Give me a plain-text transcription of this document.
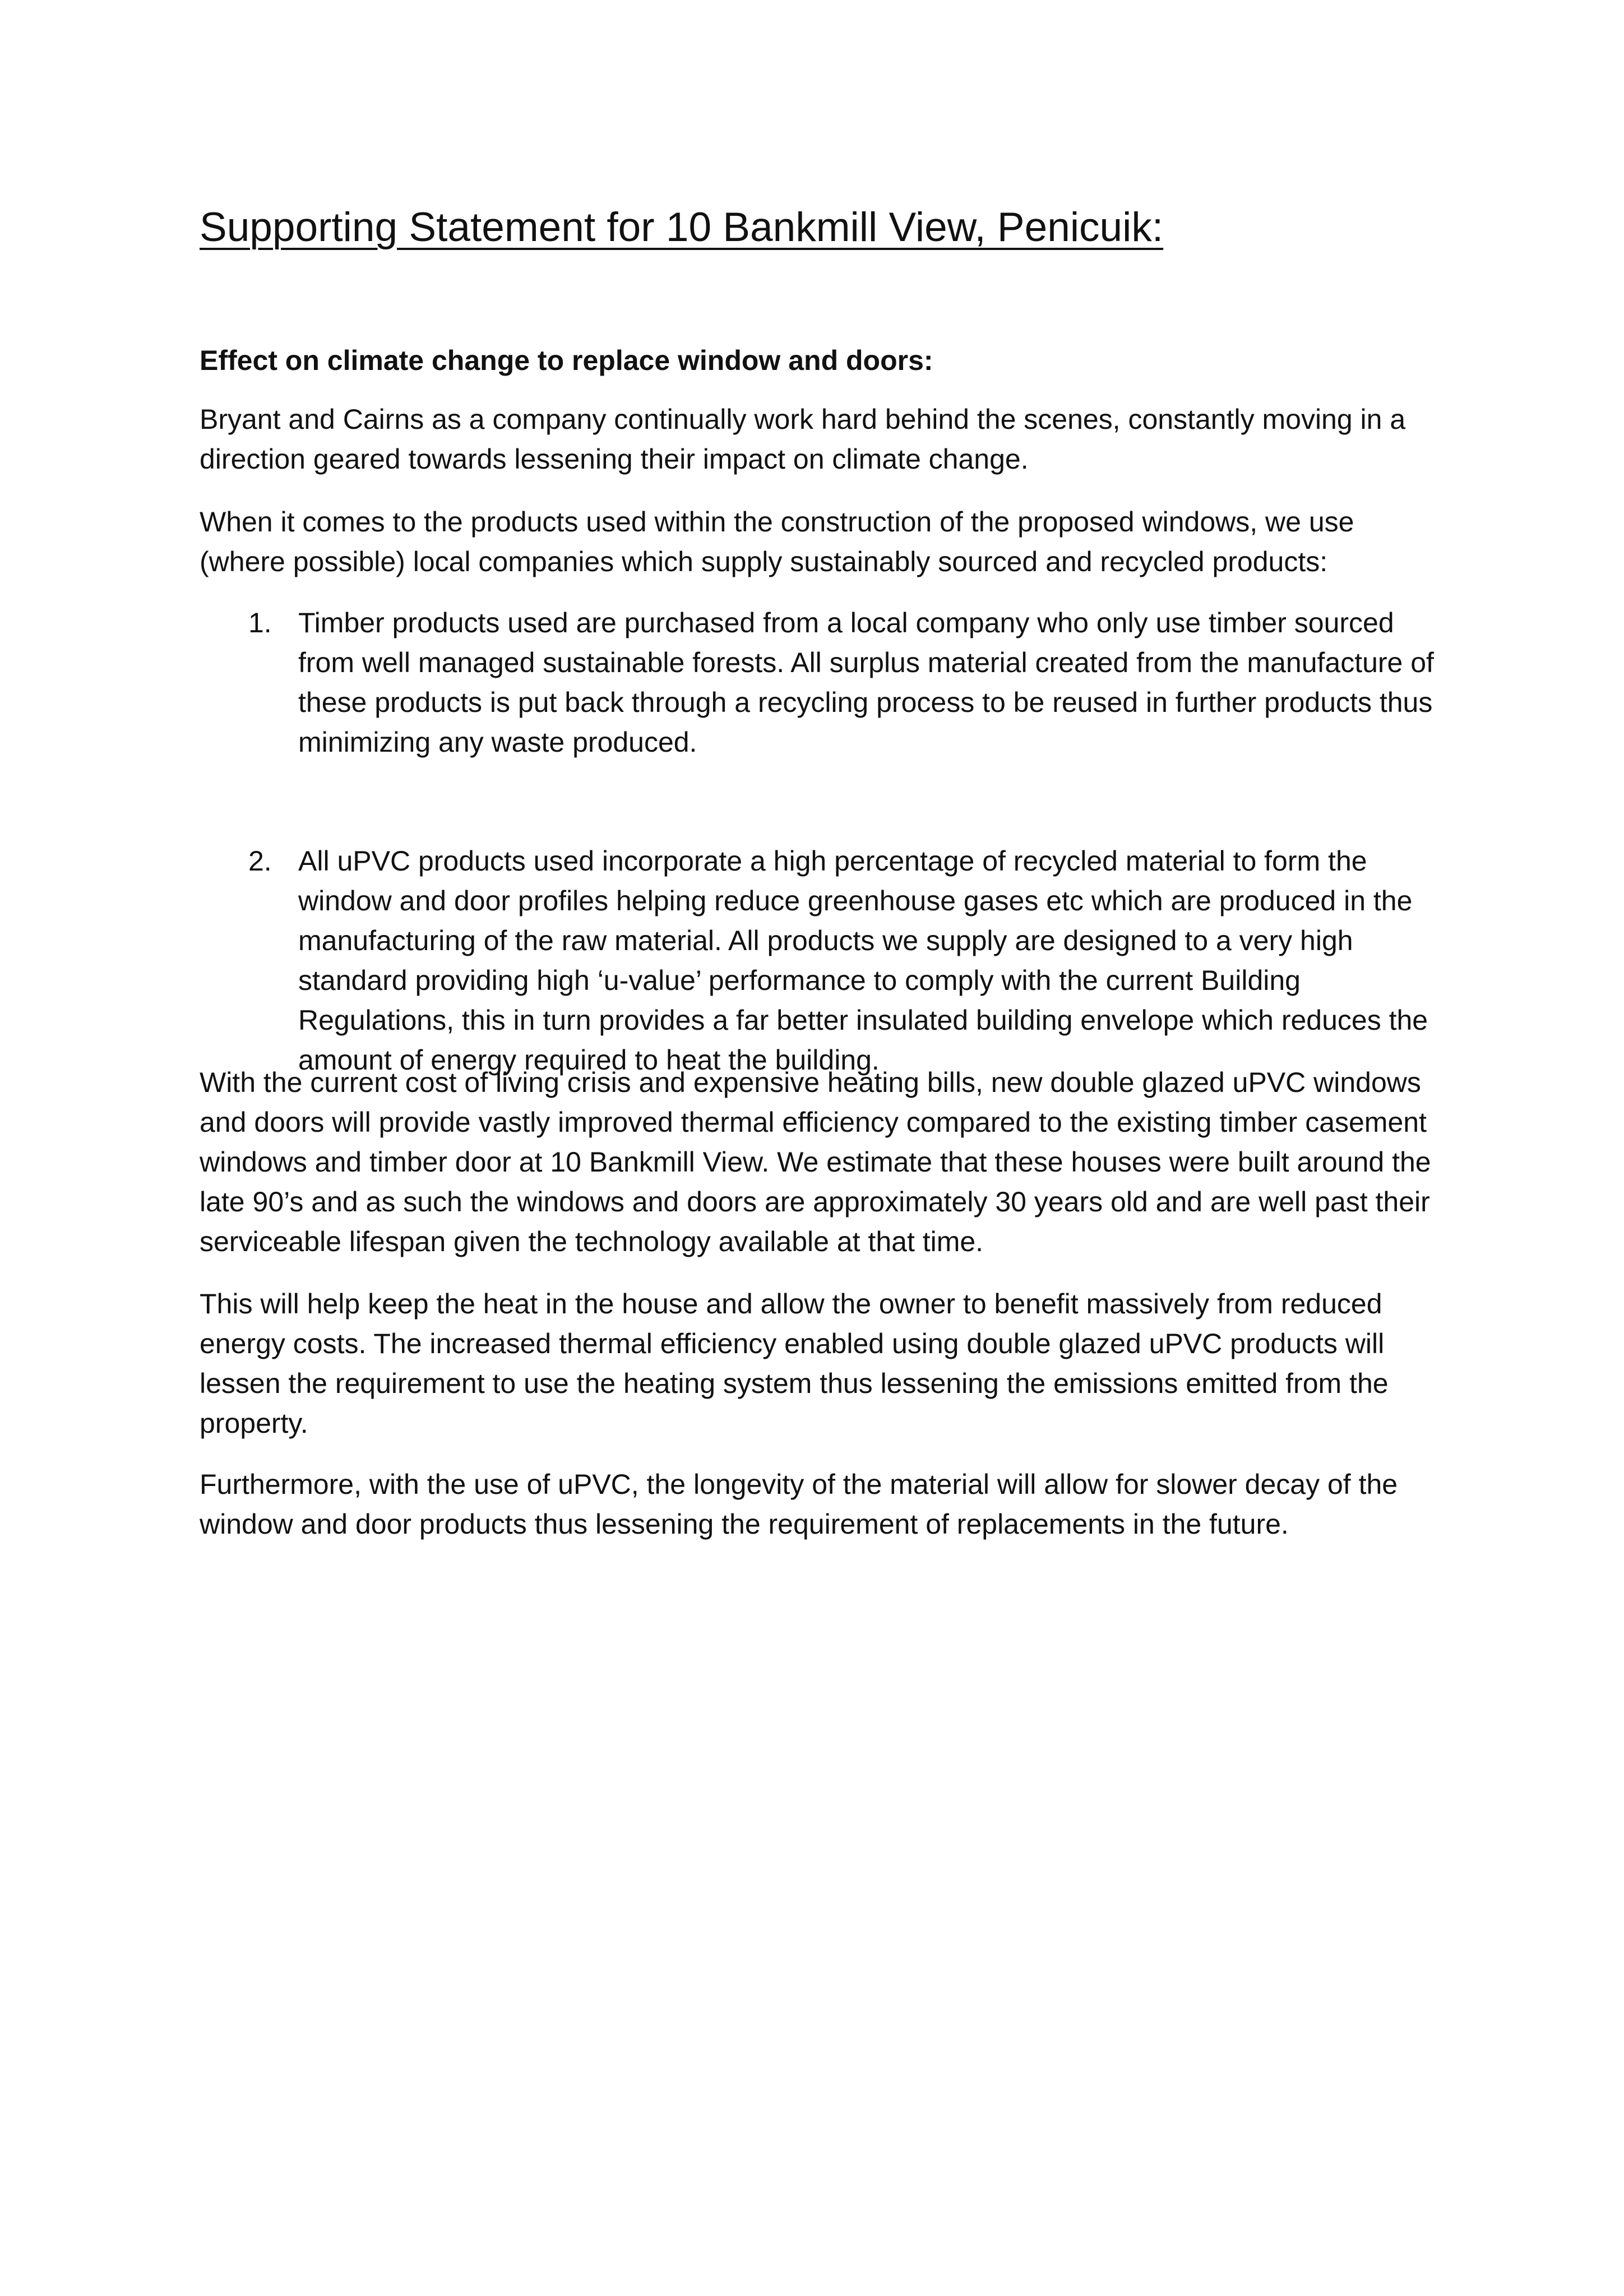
Supporting Statement for 10 Bankmill View, Penicuik:
Effect on climate change to replace window and doors:

Bryant and Cairns as a company continually work hard behind the scenes, constantly moving in a
direction geared towards lessening their impact on climate change.

When it comes to the products used within the construction of the proposed windows, we use
(where possible) local companies which supply sustainably sourced and recycled products:

1. Timber products used are purchased from a local company who only use timber sourced
from well managed sustainable forests. All surplus material created from the manufacture of
these products is put back through a recycling process to be reused in further products thus
minimizing any waste produced.
2. All uPVC products used incorporate a high percentage of recycled material to form the
window and door profiles helping reduce greenhouse gases etc which are produced in the
manufacturing of the raw material. All products we supply are designed to a very high
standard providing high ‘u-value’ performance to comply with the current Building
Regulations, this in turn provides a far better insulated building envelope which reduces the
amount of energy required to heat the building.

With the current cost of living crisis and expensive heating bills, new double glazed uPVC windows
and doors will provide vastly improved thermal efficiency compared to the existing timber casement
windows and timber door at 10 Bankmill View. We estimate that these houses were built around the
late 90’s and as such the windows and doors are approximately 30 years old and are well past their
serviceable lifespan given the technology available at that time.

This will help keep the heat in the house and allow the owner to benefit massively from reduced
energy costs. The increased thermal efficiency enabled using double glazed uPVC products will
lessen the requirement to use the heating system thus lessening the emissions emitted from the
property.

Furthermore, with the use of uPVC, the longevity of the material will allow for slower decay of the
window and door products thus lessening the requirement of replacements in the future.
